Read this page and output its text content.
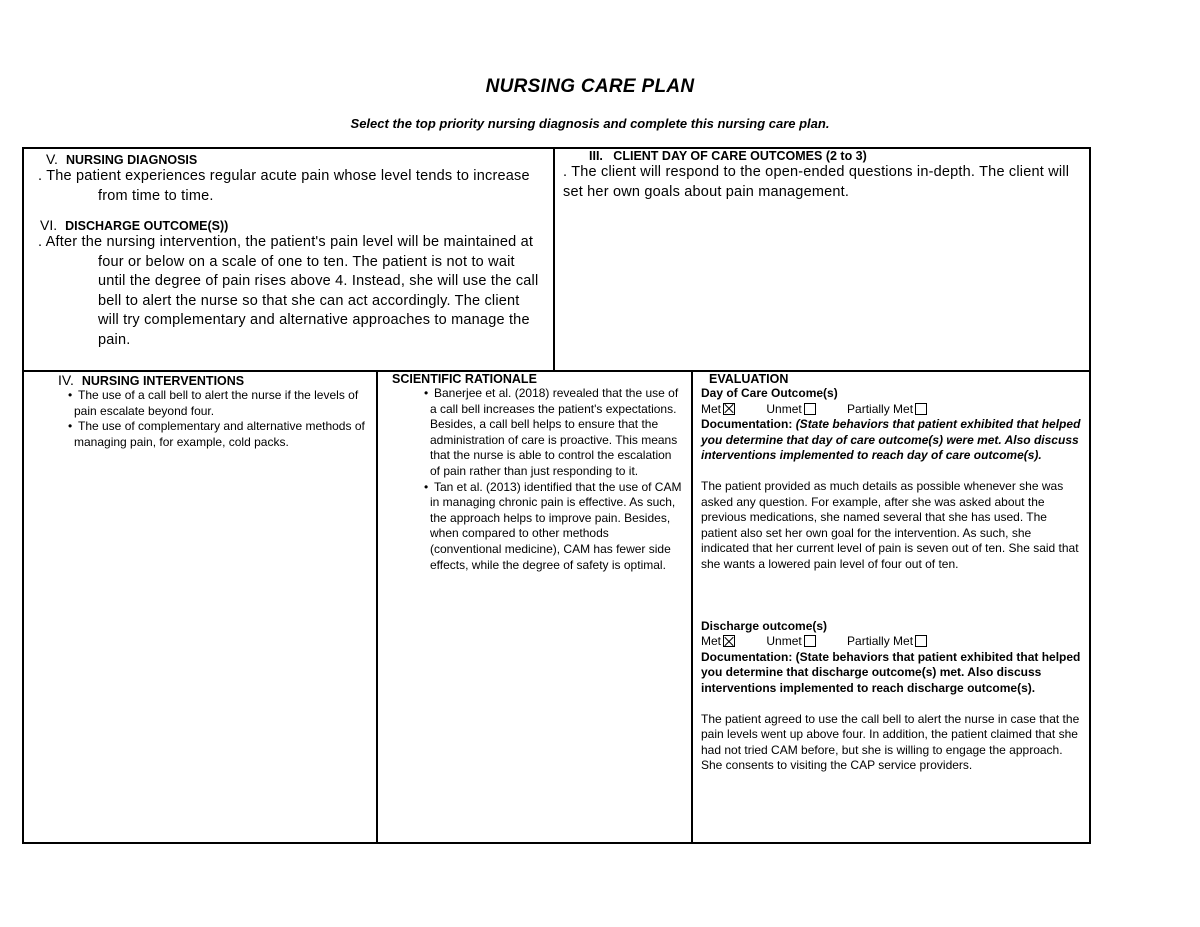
NURSING CARE PLAN
Select the top priority nursing diagnosis and complete this nursing care plan.
V. NURSING DIAGNOSIS

. The patient experiences regular acute pain whose level tends to increase from time to time.

VI. DISCHARGE OUTCOME(S))

. After the nursing intervention, the patient's pain level will be maintained at four or below on a scale of one to ten. The patient is not to wait until the degree of pain rises above 4. Instead, she will use the call bell to alert the nurse so that she can act accordingly. The client will try complementary and alternative approaches to manage the pain.

III.   CLIENT DAY OF CARE OUTCOMES (2 to 3)

. The client will respond to the open-ended questions in-depth. The client will set her own goals about pain management.

IV. NURSING INTERVENTIONS
• The use of a call bell to alert the nurse if the levels of pain escalate beyond four.
• The use of complementary and alternative methods of managing pain, for example, cold packs.
SCIENTIFIC RATIONALE
• Banerjee et al. (2018) revealed that the use of a call bell increases the patient's expectations. Besides, a call bell helps to ensure that the administration of care is proactive. This means that the nurse is able to control the escalation of pain rather than just responding to it.
• Tan et al. (2013) identified that the use of CAM in managing chronic pain is effective. As such, the approach helps to improve pain. Besides, when compared to other methods (conventional medicine), CAM has fewer side effects, while the degree of safety is optimal.
EVALUATION
Day of Care Outcome(s)
Met	Unmet	Partially Met
Documentation: (State behaviors that patient exhibited that helped you determine that day of care outcome(s) were met. Also discuss interventions implemented to reach day of care outcome(s).
The patient provided as much details as possible whenever she was asked any question. For example, after she was asked about the previous medications, she named several that she has used. The patient also set her own goal for the intervention. As such, she indicated that her current level of pain is seven out of ten. She said that she wants a lowered pain level of four out of ten.
Discharge outcome(s)
Met	Unmet	Partially Met
Documentation: (State behaviors that patient exhibited that helped you determine that discharge outcome(s) met. Also discuss interventions implemented to reach discharge outcome(s).
The patient agreed to use the call bell to alert the nurse in case that the pain levels went up above four. In addition, the patient claimed that she had not tried CAM before, but she is willing to engage the approach. She consents to visiting the CAP service providers.
